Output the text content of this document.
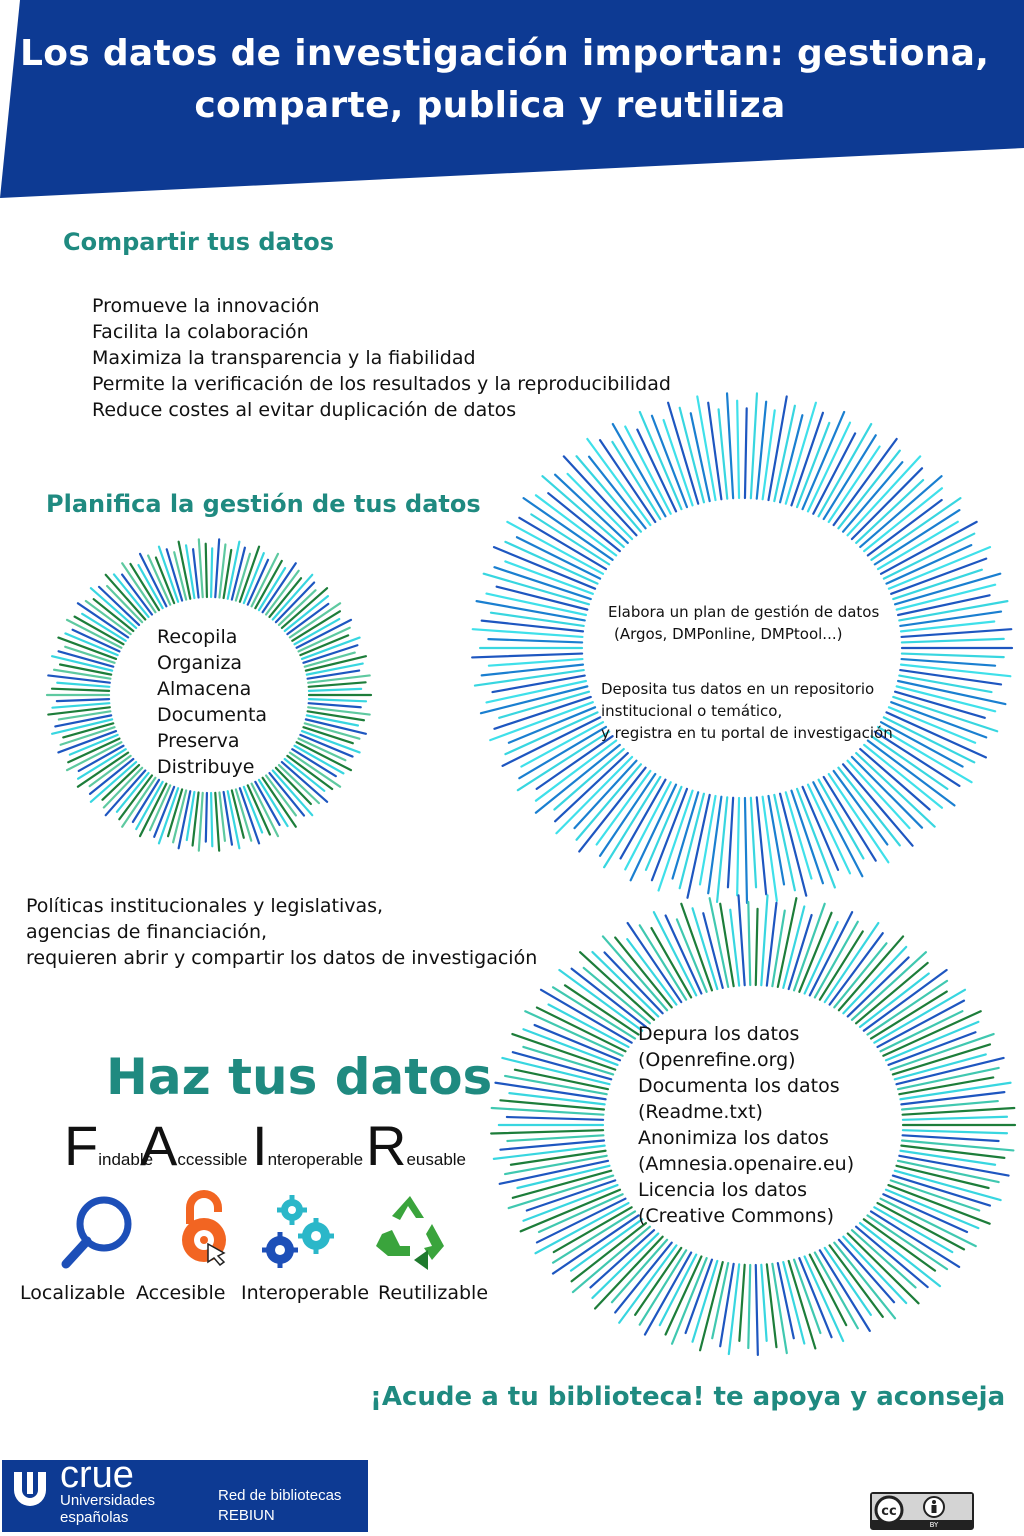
Los datos de investigación importan: gestiona,
comparte, publica y reutiliza
Compartir tus datos
Promueve la innovación
Facilita la colaboración
Maximiza la transparencia y la fiabilidad
Permite la verificación de los resultados y la reproducibilidad
Reduce costes al evitar duplicación de datos
Planifica la gestión de tus datos
Recopila
Organiza
Almacena
Documenta
Preserva
Distribuye
Elabora un plan de gestión de datos
(Argos, DMPonline, DMPtool...)
Deposita tus datos en un repositorio
institucional o temático,
y registra en tu portal de investigación
Políticas institucionales y legislativas,
agencias de financiación,
requieren abrir y compartir los datos de investigación
Depura los datos
(Openrefine.org)
Documenta los datos
(Readme.txt)
Anonimiza los datos
(Amnesia.openaire.eu)
Licencia los datos
(Creative Commons)
Haz tus datos
Findable
Accessible Interoperable Reusable
Localizable Accesible Interoperable Reutilizable
¡Acude a tu biblioteca! te apoya y aconseja
crue
Universidades
españolas
Red de bibliotecas
REBIUN	cc
BY
